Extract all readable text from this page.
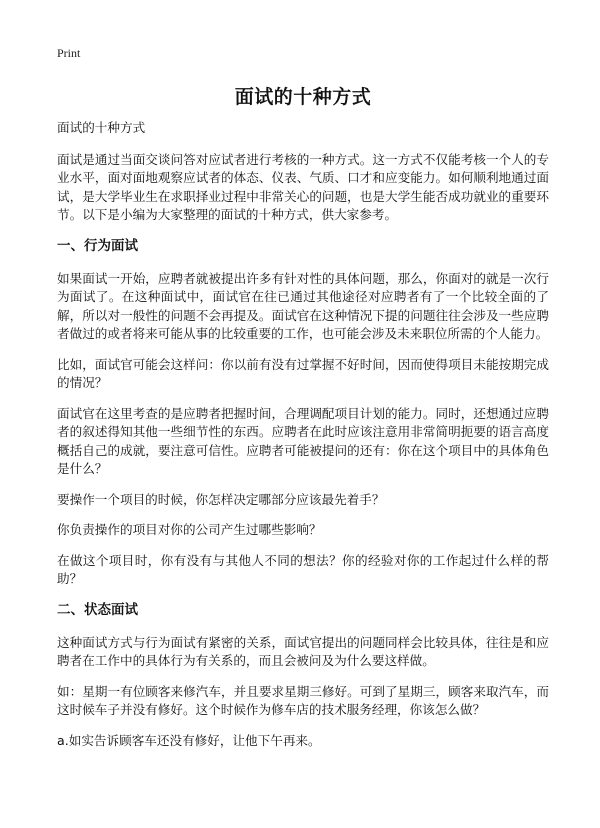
Print
面试的十种方式

面试的十种方式

面试是通过当面交谈问答对应试者进行考核的一种方式。这一方式不仅能考核一个人的专业水平，面对面地观察应试者的体态、仪表、气质、口才和应变能力。如何顺利地通过面试，是大学毕业生在求职择业过程中非常关心的问题，也是大学生能否成功就业的重要环节。以下是小编为大家整理的面试的十种方式，供大家参考。

一、行为面试

如果面试一开始，应聘者就被提出许多有针对性的具体问题，那么，你面对的就是一次行为面试了。在这种面试中，面试官在往已通过其他途径对应聘者有了一个比较全面的了解，所以对一般性的问题不会再提及。面试官在这种情况下提的问题往往会涉及一些应聘者做过的或者将来可能从事的比较重要的工作，也可能会涉及未来职位所需的个人能力。

比如，面试官可能会这样问：你以前有没有过掌握不好时间，因而使得项目未能按期完成的情况？

面试官在这里考查的是应聘者把握时间，合理调配项目计划的能力。同时，还想通过应聘者的叙述得知其他一些细节性的东西。应聘者在此时应该注意用非常简明扼要的语言高度概括自己的成就，要注意可信性。应聘者可能被提问的还有：你在这个项目中的具体角色是什么？

要操作一个项目的时候，你怎样决定哪部分应该最先着手？

你负责操作的项目对你的公司产生过哪些影响？

在做这个项目时，你有没有与其他人不同的想法？你的经验对你的工作起过什么样的帮助？

二、状态面试

这种面试方式与行为面试有紧密的关系，面试官提出的问题同样会比较具体，往往是和应聘者在工作中的具体行为有关系的，而且会被问及为什么要这样做。

如：星期一有位顾客来修汽车，并且要求星期三修好。可到了星期三，顾客来取汽车，而这时候车子并没有修好。这个时候作为修车店的技术服务经理，你该怎么做？

a.如实告诉顾客车还没有修好，让他下午再来。
